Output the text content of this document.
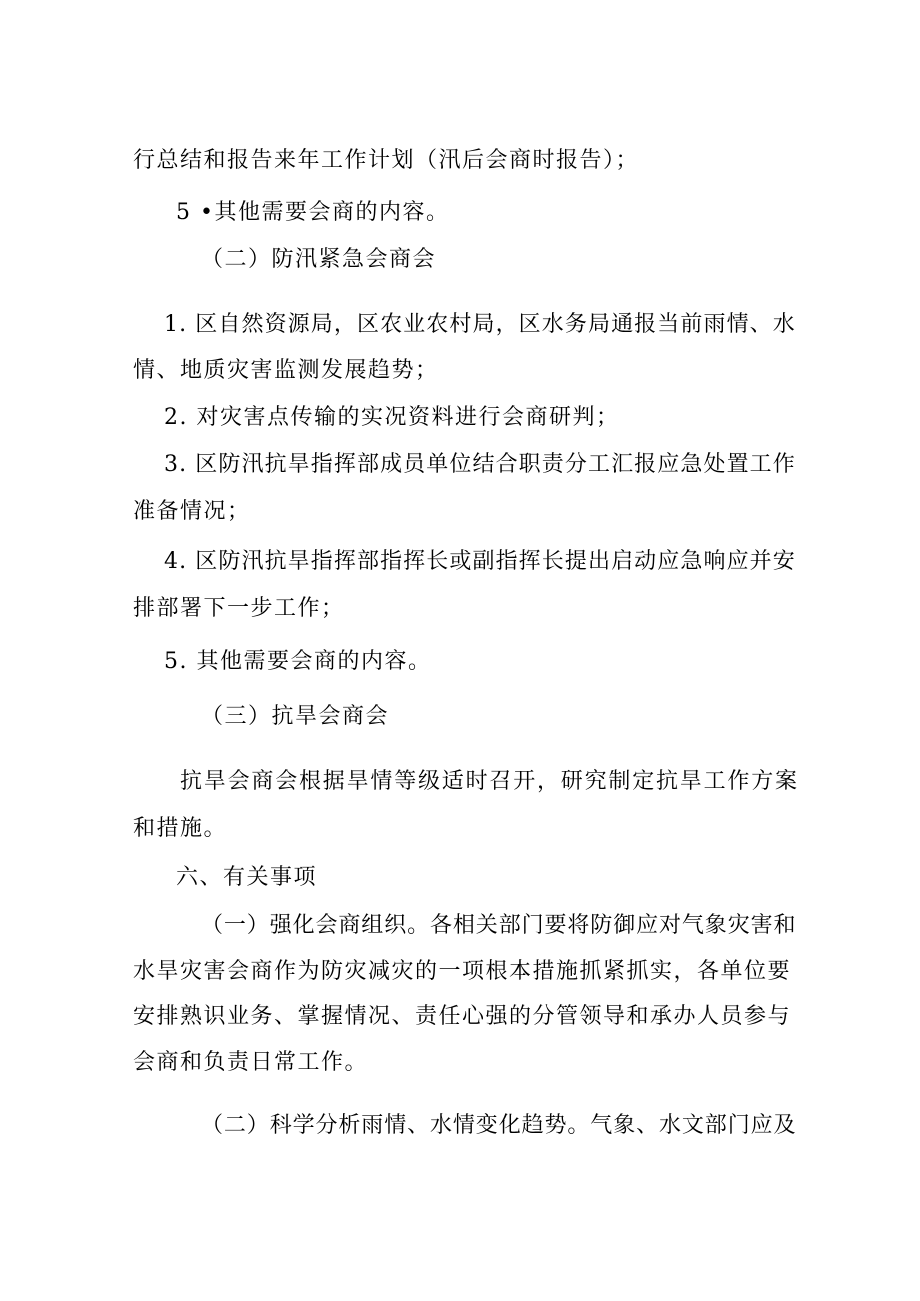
行总结和报告来年工作计划（汛后会商时报告）；
5 •其他需要会商的内容。
（二）防汛紧急会商会
1. 区自然资源局，区农业农村局，区水务局通报当前雨情、水
情、地质灾害监测发展趋势；
2. 对灾害点传输的实况资料进行会商研判；
3. 区防汛抗旱指挥部成员单位结合职责分工汇报应急处置工作
准备情况；
4. 区防汛抗旱指挥部指挥长或副指挥长提出启动应急响应并安
排部署下一步工作；
5. 其他需要会商的内容。
（三）抗旱会商会
抗旱会商会根据旱情等级适时召开，研究制定抗旱工作方案
和措施。
六、有关事项
（一）强化会商组织。各相关部门要将防御应对气象灾害和
水旱灾害会商作为防灾减灾的一项根本措施抓紧抓实，各单位要
安排熟识业务、掌握情况、责任心强的分管领导和承办人员参与
会商和负责日常工作。
（二）科学分析雨情、水情变化趋势。气象、水文部门应及
